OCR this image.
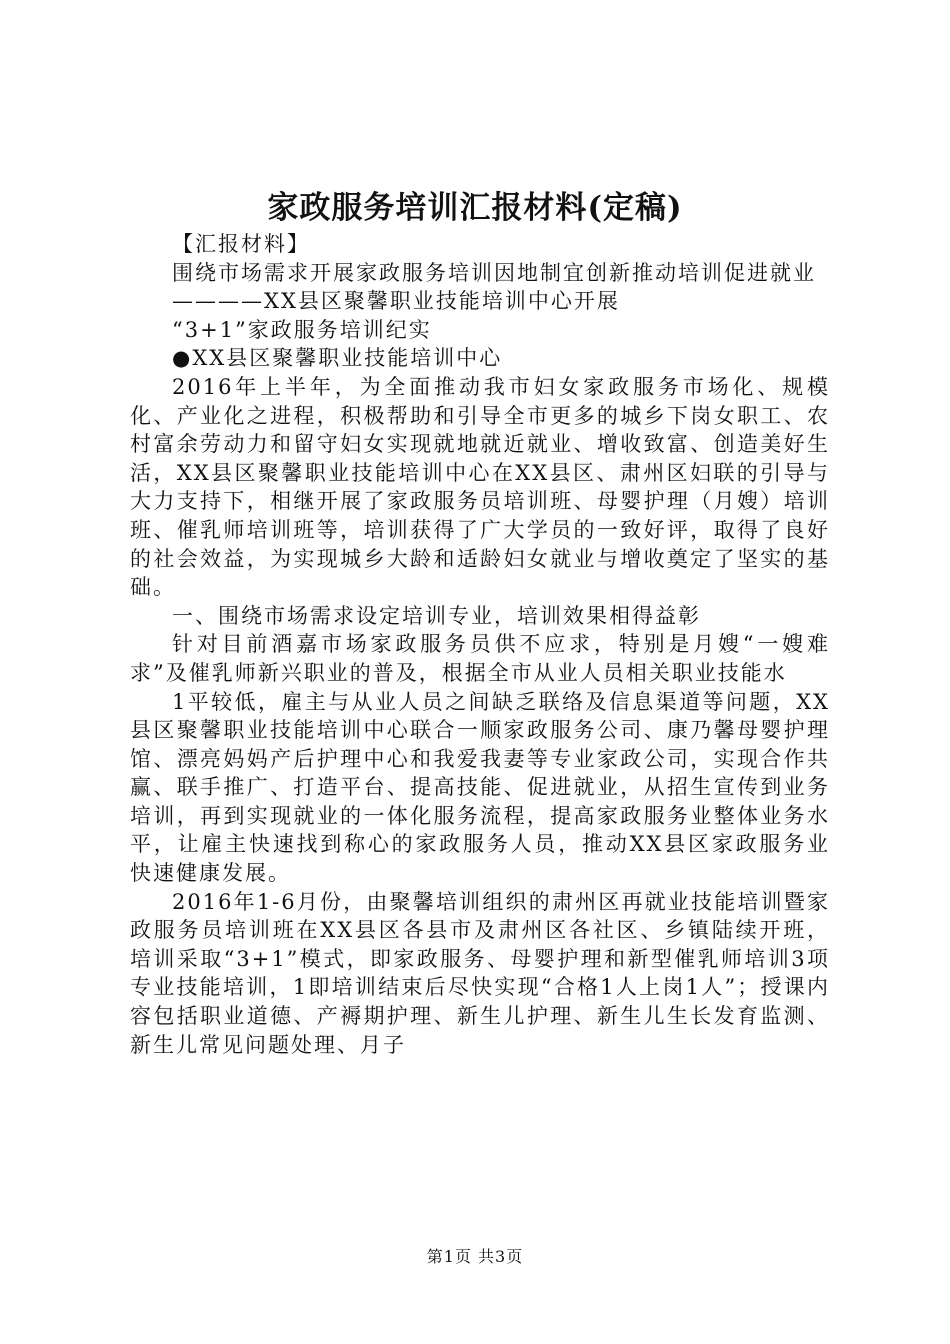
家政服务培训汇报材料(定稿)

【汇报材料】

围绕市场需求开展家政服务培训因地制宜创新推动培训促进就业

————XX县区聚馨职业技能培训中心开展

“3+1”家政服务培训纪实

●XX县区聚馨职业技能培训中心

2016年上半年，为全面推动我市妇女家政服务市场化、规模化、产业化之进程，积极帮助和引导全市更多的城乡下岗女职工、农村富余劳动力和留守妇女实现就地就近就业、增收致富、创造美好生活，XX县区聚馨职业技能培训中心在XX县区、肃州区妇联的引导与大力支持下，相继开展了家政服务员培训班、母婴护理（月嫂）培训班、催乳师培训班等，培训获得了广大学员的一致好评，取得了良好的社会效益，为实现城乡大龄和适龄妇女就业与增收奠定了坚实的基础。

一、围绕市场需求设定培训专业，培训效果相得益彰

针对目前酒嘉市场家政服务员供不应求，特别是月嫂“一嫂难求”及催乳师新兴职业的普及，根据全市从业人员相关职业技能水

1平较低，雇主与从业人员之间缺乏联络及信息渠道等问题，XX县区聚馨职业技能培训中心联合一顺家政服务公司、康乃馨母婴护理馆、漂亮妈妈产后护理中心和我爱我妻等专业家政公司，实现合作共赢、联手推广、打造平台、提高技能、促进就业，从招生宣传到业务培训，再到实现就业的一体化服务流程，提高家政服务业整体业务水平，让雇主快速找到称心的家政服务人员，推动XX县区家政服务业快速健康发展。

2016年1-6月份，由聚馨培训组织的肃州区再就业技能培训暨家政服务员培训班在XX县区各县市及肃州区各社区、乡镇陆续开班，培训采取“3+1”模式，即家政服务、母婴护理和新型催乳师培训3项专业技能培训，1即培训结束后尽快实现“合格1人上岗1人”；授课内容包括职业道德、产褥期护理、新生儿护理、新生儿生长发育监测、新生儿常见问题处理、月子

第1页 共3页
